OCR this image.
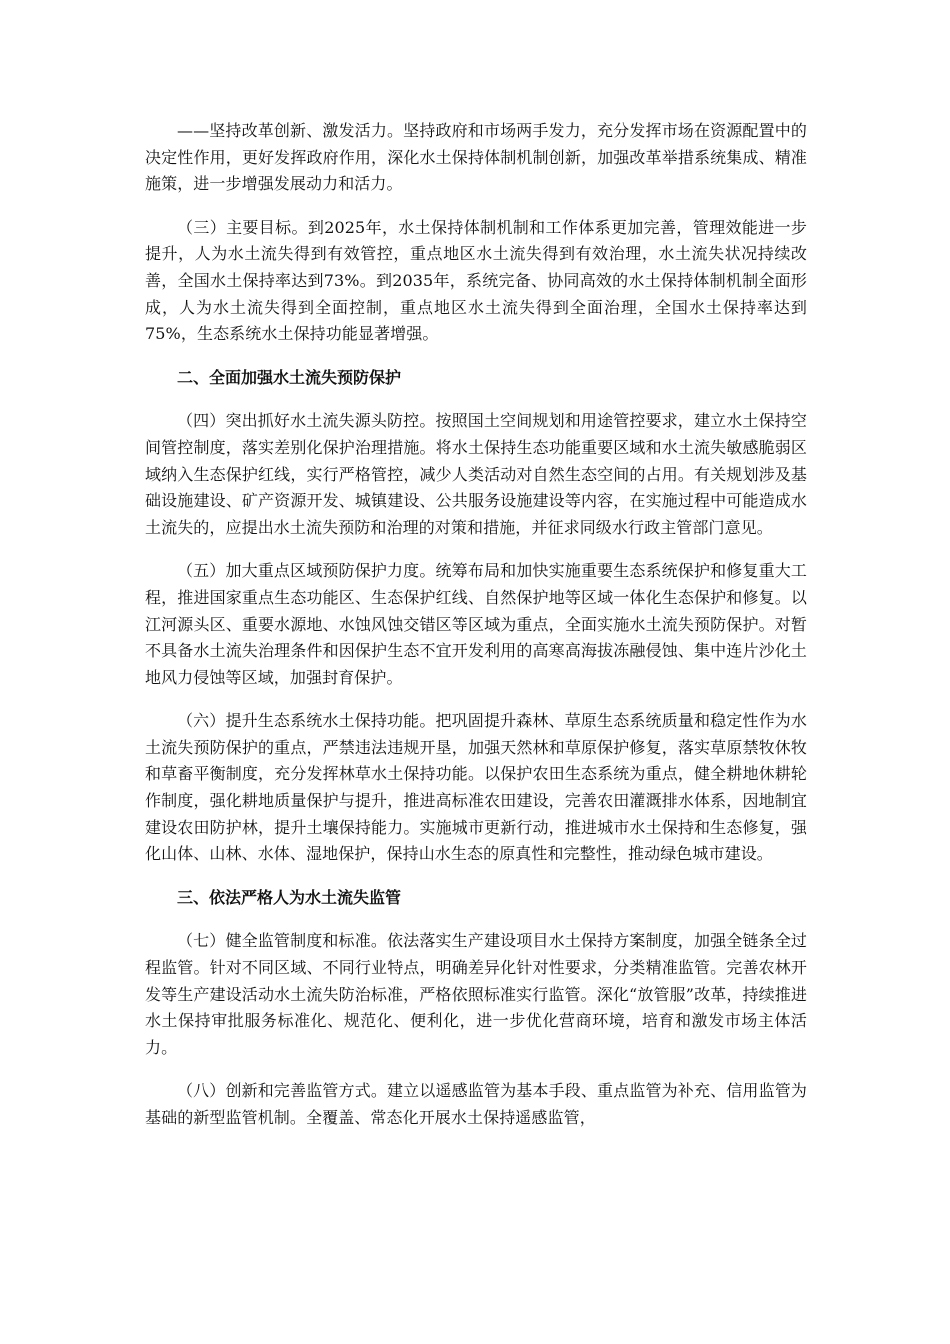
——坚持改革创新、激发活力。坚持政府和市场两手发力，充分发挥市场在资源配置中的决定性作用，更好发挥政府作用，深化水土保持体制机制创新，加强改革举措系统集成、精准施策，进一步增强发展动力和活力。

（三）主要目标。到2025年，水土保持体制机制和工作体系更加完善，管理效能进一步提升，人为水土流失得到有效管控，重点地区水土流失得到有效治理，水土流失状况持续改善，全国水土保持率达到73%。到2035年，系统完备、协同高效的水土保持体制机制全面形成，人为水土流失得到全面控制，重点地区水土流失得到全面治理，全国水土保持率达到75%，生态系统水土保持功能显著增强。

二、全面加强水土流失预防保护

（四）突出抓好水土流失源头防控。按照国土空间规划和用途管控要求，建立水土保持空间管控制度，落实差别化保护治理措施。将水土保持生态功能重要区域和水土流失敏感脆弱区域纳入生态保护红线，实行严格管控，减少人类活动对自然生态空间的占用。有关规划涉及基础设施建设、矿产资源开发、城镇建设、公共服务设施建设等内容，在实施过程中可能造成水土流失的，应提出水土流失预防和治理的对策和措施，并征求同级水行政主管部门意见。

（五）加大重点区域预防保护力度。统筹布局和加快实施重要生态系统保护和修复重大工程，推进国家重点生态功能区、生态保护红线、自然保护地等区域一体化生态保护和修复。以江河源头区、重要水源地、水蚀风蚀交错区等区域为重点，全面实施水土流失预防保护。对暂不具备水土流失治理条件和因保护生态不宜开发利用的高寒高海拔冻融侵蚀、集中连片沙化土地风力侵蚀等区域，加强封育保护。

（六）提升生态系统水土保持功能。把巩固提升森林、草原生态系统质量和稳定性作为水土流失预防保护的重点，严禁违法违规开垦，加强天然林和草原保护修复，落实草原禁牧休牧和草畜平衡制度，充分发挥林草水土保持功能。以保护农田生态系统为重点，健全耕地休耕轮作制度，强化耕地质量保护与提升，推进高标准农田建设，完善农田灌溉排水体系，因地制宜建设农田防护林，提升土壤保持能力。实施城市更新行动，推进城市水土保持和生态修复，强化山体、山林、水体、湿地保护，保持山水生态的原真性和完整性，推动绿色城市建设。

三、依法严格人为水土流失监管

（七）健全监管制度和标准。依法落实生产建设项目水土保持方案制度，加强全链条全过程监管。针对不同区域、不同行业特点，明确差异化针对性要求，分类精准监管。完善农林开发等生产建设活动水土流失防治标准，严格依照标准实行监管。深化“放管服”改革，持续推进水土保持审批服务标准化、规范化、便利化，进一步优化营商环境，培育和激发市场主体活力。

（八）创新和完善监管方式。建立以遥感监管为基本手段、重点监管为补充、信用监管为基础的新型监管机制。全覆盖、常态化开展水土保持遥感监管，
